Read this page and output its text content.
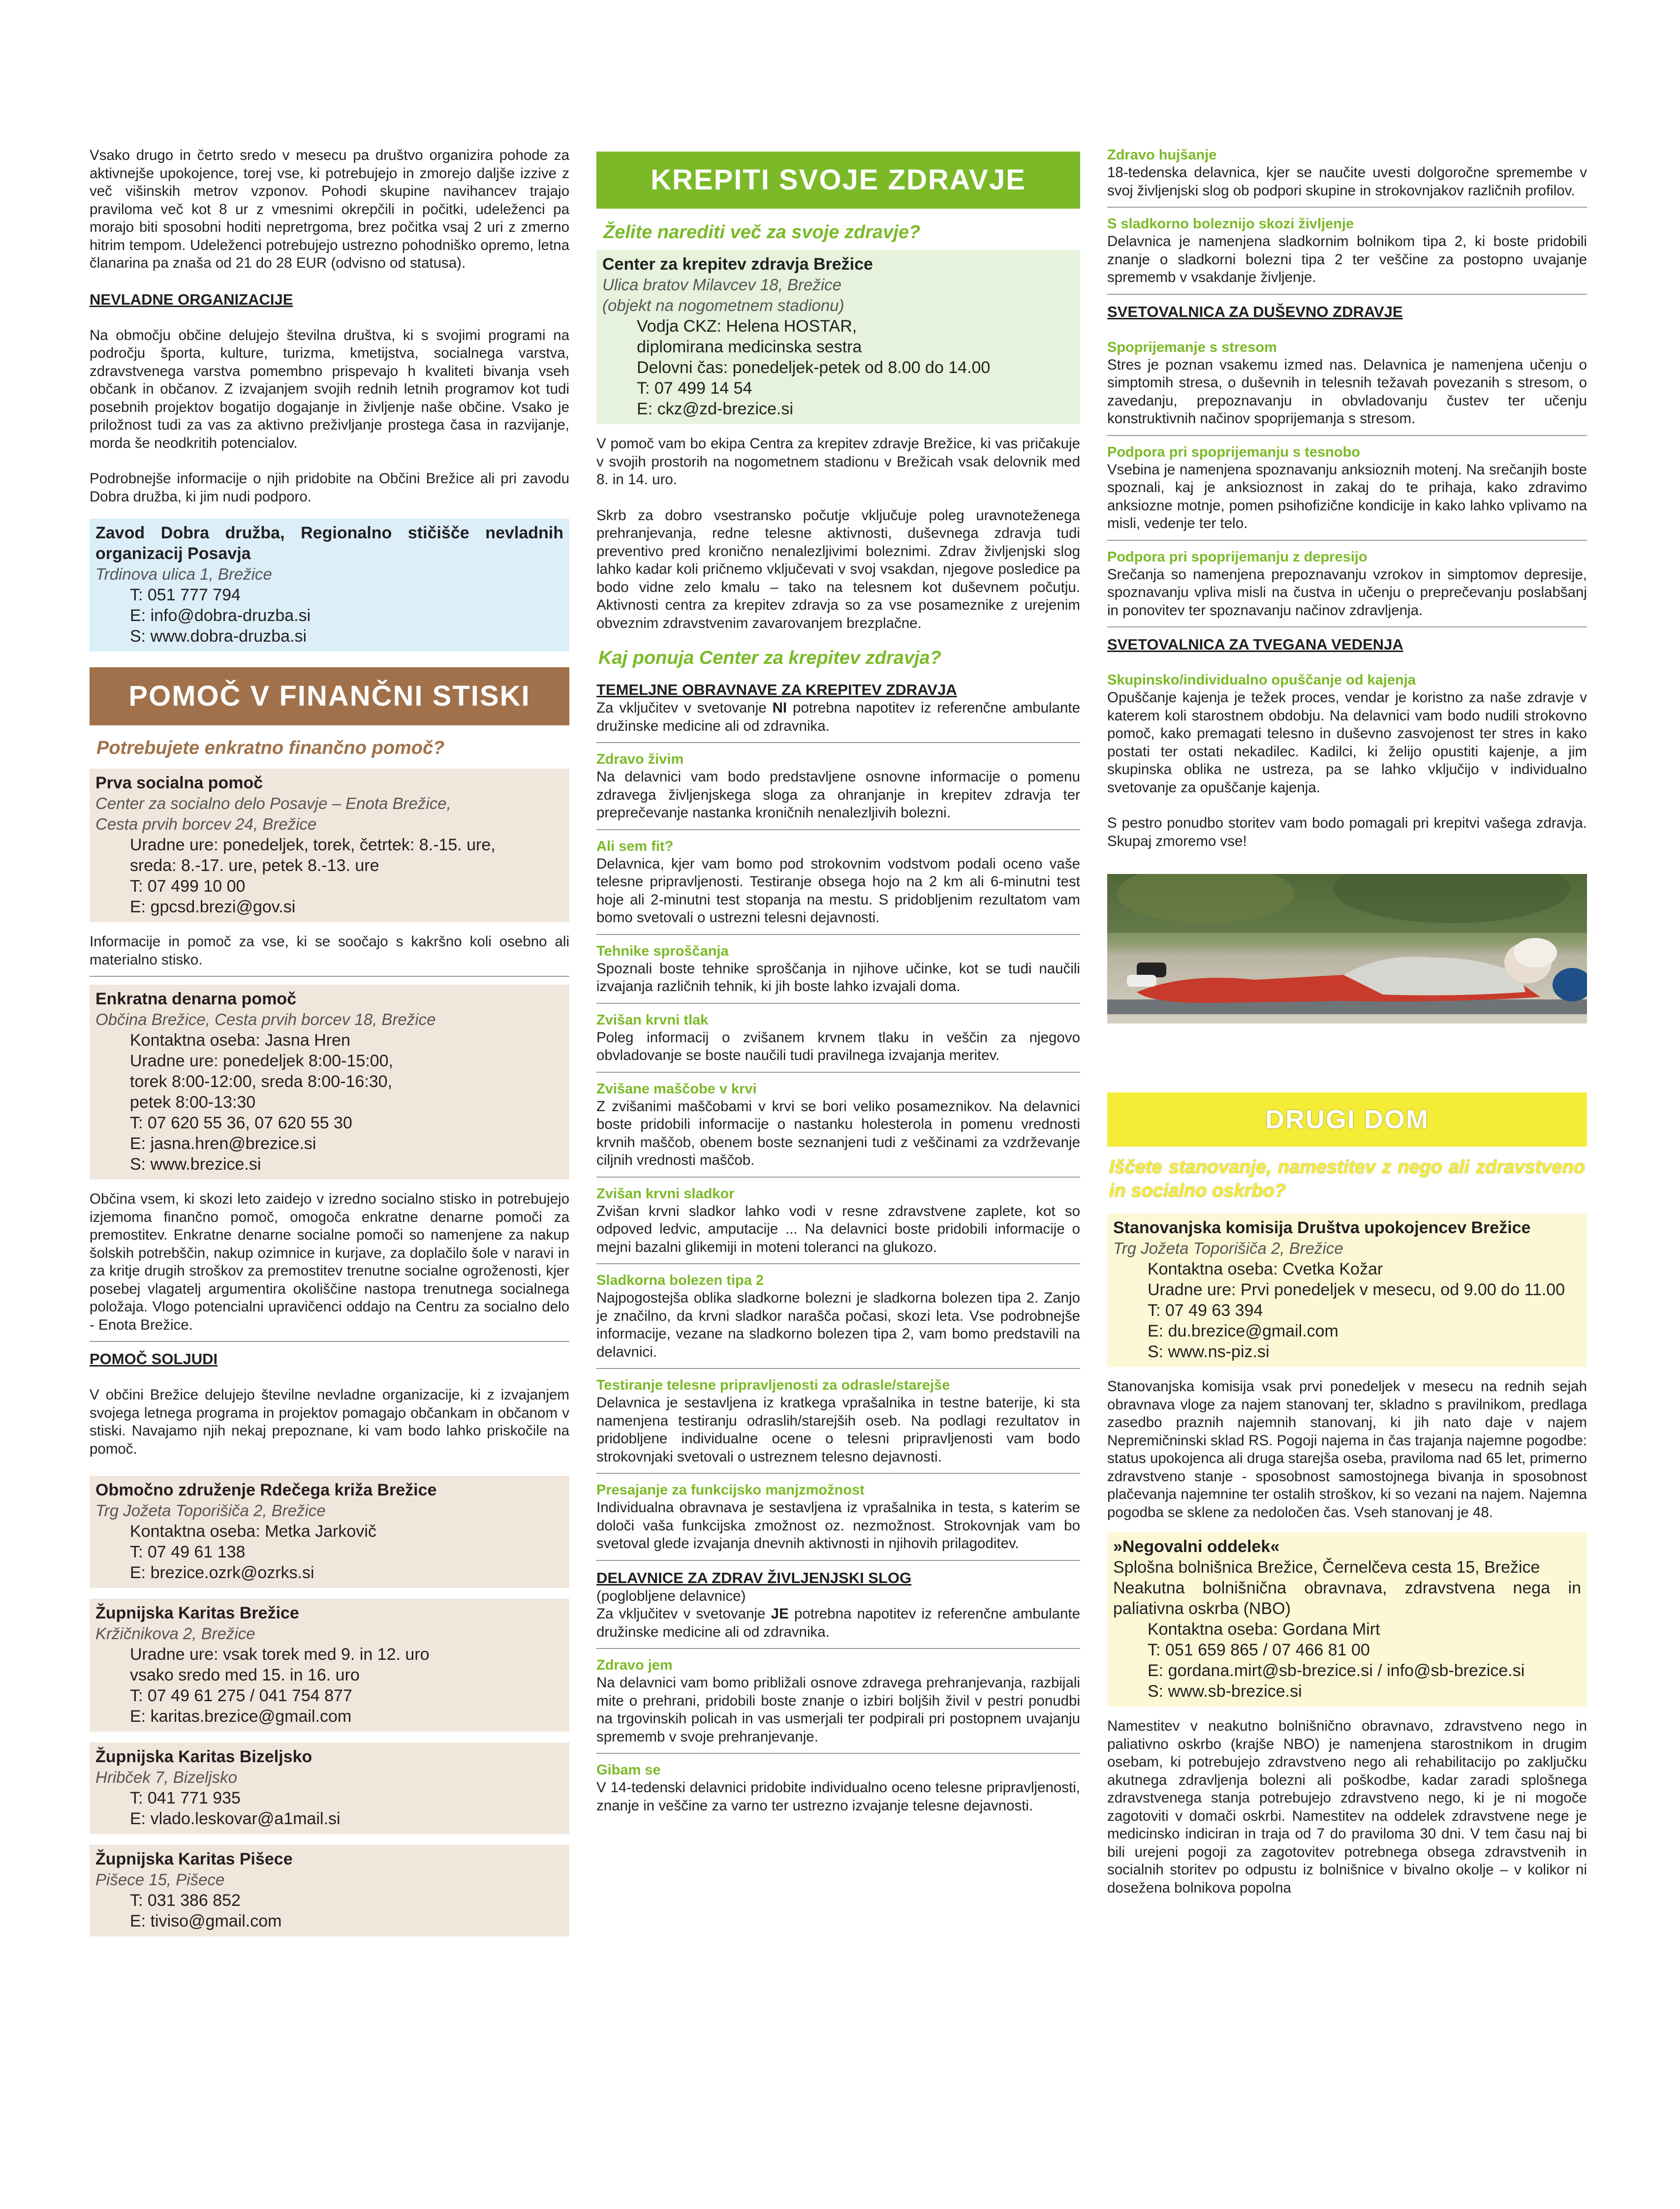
Vsako drugo in četrto sredo v mesecu pa društvo organizira pohode za aktivnejše upokojence, torej vse, ki potrebujejo in zmorejo daljše izzive z več višinskih metrov vzponov. Pohodi skupine navihancev trajajo praviloma več kot 8 ur z vmesnimi okrepčili in počitki, udeleženci pa morajo biti sposobni hoditi nepretrgoma, brez počitka vsaj 2 uri z zmerno hitrim tempom. Udeleženci potrebujejo ustrezno pohodniško opremo, letna članarina pa znaša od 21 do 28 EUR (odvisno od statusa).

NEVLADNE ORGANIZACIJE

Na območju občine delujejo številna društva, ki s svojimi programi na področju športa, kulture, turizma, kmetijstva, socialnega varstva, zdravstvenega varstva pomembno prispevajo h kvaliteti bivanja vseh občank in občanov. Z izvajanjem svojih rednih letnih programov kot tudi posebnih projektov bogatijo dogajanje in življenje naše občine. Vsako je priložnost tudi za vas za aktivno preživljanje prostega časa in razvijanje, morda še neodkritih potencialov.

Podrobnejše informacije o njih pridobite na Občini Brežice ali pri zavodu Dobra družba, ki jim nudi podporo.

Zavod Dobra družba, Regionalno stičišče nevladnih organizacij Posavja

Trdinova ulica 1, Brežice

T: 051 777 794

E: info@dobra-druzba.si

S: www.dobra-druzba.si

POMOČ V FINANČNI STISKI

Potrebujete enkratno finančno pomoč?

Prva socialna pomoč

Center za socialno delo Posavje – Enota Brežice,

Cesta prvih borcev 24, Brežice

Uradne ure: ponedeljek, torek, četrtek: 8.-15. ure,

sreda: 8.-17. ure, petek 8.-13. ure

T: 07 499 10 00

E: gpcsd.brezi@gov.si

Informacije in pomoč za vse, ki se soočajo s kakršno koli osebno ali materialno stisko.

Enkratna denarna pomoč

Občina Brežice, Cesta prvih borcev 18, Brežice

Kontaktna oseba: Jasna Hren

Uradne ure: ponedeljek 8:00-15:00,

torek 8:00-12:00, sreda 8:00-16:30,

petek 8:00-13:30

T: 07 620 55 36, 07 620 55 30

E: jasna.hren@brezice.si

S: www.brezice.si

Občina vsem, ki skozi leto zaidejo v izredno socialno stisko in potrebujejo izjemoma finančno pomoč, omogoča enkratne denarne pomoči za premostitev. Enkratne denarne socialne pomoči so namenjene za nakup šolskih potrebščin, nakup ozimnice in kurjave, za doplačilo šole v naravi in za kritje drugih stroškov za premostitev trenutne socialne ogroženosti, kjer posebej vlagatelj argumentira okoliščine nastopa trenutnega socialnega položaja. Vlogo potencialni upravičenci oddajo na Centru za socialno delo - Enota Brežice.

POMOČ SOLJUDI

V občini Brežice delujejo številne nevladne organizacije, ki z izvajanjem svojega letnega programa in projektov pomagajo občankam in občanom v stiski. Navajamo njih nekaj prepoznane, ki vam bodo lahko priskočile na pomoč.

Območno združenje Rdečega križa Brežice

Trg Jožeta Toporišiča 2, Brežice

Kontaktna oseba: Metka Jarkovič

T: 07 49 61 138

E: brezice.ozrk@ozrks.si

Župnijska Karitas Brežice

Kržičnikova 2, Brežice

Uradne ure: vsak torek med 9. in 12. uro

vsako sredo med 15. in 16. uro

T: 07 49 61 275 / 041 754 877

E: karitas.brezice@gmail.com

Župnijska Karitas Bizeljsko

Hribček 7, Bizeljsko

T: 041 771 935

E: vlado.leskovar@a1mail.si

Župnijska Karitas Pišece

Pišece 15, Pišece

T: 031 386 852

E: tiviso@gmail.com

KREPITI SVOJE ZDRAVJE

Želite narediti več za svoje zdravje?

Center za krepitev zdravja Brežice

Ulica bratov Milavcev 18, Brežice

(objekt na nogometnem stadionu)

Vodja CKZ: Helena HOSTAR,

diplomirana medicinska sestra

Delovni čas: ponedeljek-petek od 8.00 do 14.00

T: 07 499 14 54

E: ckz@zd-brezice.si

V pomoč vam bo ekipa Centra za krepitev zdravje Brežice, ki vas pričakuje v svojih prostorih na nogometnem stadionu v Brežicah vsak delovnik med 8. in 14. uro.

Skrb za dobro vsestransko počutje vključuje poleg uravnoteženega prehranjevanja, redne telesne aktivnosti, duševnega zdravja tudi preventivo pred kronično nenalezljivimi boleznimi. Zdrav življenjski slog lahko kadar koli pričnemo vključevati v svoj vsakdan, njegove posledice pa bodo vidne zelo kmalu – tako na telesnem kot duševnem počutju. Aktivnosti centra za krepitev zdravja so za vse posameznike z urejenim obveznim zdravstvenim zavarovanjem brezplačne.

Kaj ponuja Center za krepitev zdravja?

TEMELJNE OBRAVNAVE ZA KREPITEV ZDRAVJA

Za vključitev v svetovanje NI potrebna napotitev iz referenčne ambulante družinske medicine ali od zdravnika.

Zdravo živim

Na delavnici vam bodo predstavljene osnovne informacije o pomenu zdravega življenjskega sloga za ohranjanje in krepitev zdravja ter preprečevanje nastanka kroničnih nenalezljivih bolezni.

Ali sem fit?

Delavnica, kjer vam bomo pod strokovnim vodstvom podali oceno vaše telesne pripravljenosti. Testiranje obsega hojo na 2 km ali 6-minutni test hoje ali 2-minutni test stopanja na mestu. S pridobljenim rezultatom vam bomo svetovali o ustrezni telesni dejavnosti.

Tehnike sproščanja

Spoznali boste tehnike sproščanja in njihove učinke, kot se tudi naučili izvajanja različnih tehnik, ki jih boste lahko izvajali doma.

Zvišan krvni tlak

Poleg informacij o zvišanem krvnem tlaku in veščin za njegovo obvladovanje se boste naučili tudi pravilnega izvajanja meritev.

Zvišane maščobe v krvi

Z zvišanimi maščobami v krvi se bori veliko posameznikov. Na delavnici boste pridobili informacije o nastanku holesterola in pomenu vrednosti krvnih maščob, obenem boste seznanjeni tudi z veščinami za vzdrževanje ciljnih vrednosti maščob.

Zvišan krvni sladkor

Zvišan krvni sladkor lahko vodi v resne zdravstvene zaplete, kot so odpoved ledvic, amputacije ... Na delavnici boste pridobili informacije o mejni bazalni glikemiji in moteni toleranci na glukozo.

Sladkorna bolezen tipa 2

Najpogostejša oblika sladkorne bolezni je sladkorna bolezen tipa 2. Zanjo je značilno, da krvni sladkor narašča počasi, skozi leta. Vse podrobnejše informacije, vezane na sladkorno bolezen tipa 2, vam bomo predstavili na delavnici.

Testiranje telesne pripravljenosti za odrasle/starejše

Delavnica je sestavljena iz kratkega vprašalnika in testne baterije, ki sta namenjena testiranju odraslih/starejših oseb. Na podlagi rezultatov in pridobljene individualne ocene o telesni pripravljenosti vam bodo strokovnjaki svetovali o ustreznem telesno dejavnosti.

Presajanje za funkcijsko manjzmožnost

Individualna obravnava je sestavljena iz vprašalnika in testa, s katerim se določi vaša funkcijska zmožnost oz. nezmožnost. Strokovnjak vam bo svetoval glede izvajanja dnevnih aktivnosti in njihovih prilagoditev.

DELAVNICE ZA ZDRAV ŽIVLJENJSKI SLOG

(poglobljene delavnice)

Za vključitev v svetovanje JE potrebna napotitev iz referenčne ambulante družinske medicine ali od zdravnika.

Zdravo jem

Na delavnici vam bomo približali osnove zdravega prehranjevanja, razbijali mite o prehrani, pridobili boste znanje o izbiri boljših živil v pestri ponudbi na trgovinskih policah in vas usmerjali ter podpirali pri postopnem uvajanju sprememb v svoje prehranjevanje.

Gibam se

V 14-tedenski delavnici pridobite individualno oceno telesne pripravljenosti, znanje in veščine za varno ter ustrezno izvajanje telesne dejavnosti.

Zdravo hujšanje

18-tedenska delavnica, kjer se naučite uvesti dolgoročne spremembe v svoj življenjski slog ob podpori skupine in strokovnjakov različnih profilov.

S sladkorno boleznijo skozi življenje

Delavnica je namenjena sladkornim bolnikom tipa 2, ki boste pridobili znanje o sladkorni bolezni tipa 2 ter veščine za postopno uvajanje sprememb v vsakdanje življenje.

SVETOVALNICA ZA DUŠEVNO ZDRAVJE

Spoprijemanje s stresom

Stres je poznan vsakemu izmed nas. Delavnica je namenjena učenju o simptomih stresa, o duševnih in telesnih težavah povezanih s stresom, o zavedanju, prepoznavanju in obvladovanju čustev ter učenju konstruktivnih načinov spoprijemanja s stresom.

Podpora pri spoprijemanju s tesnobo

Vsebina je namenjena spoznavanju anksioznih motenj. Na srečanjih boste spoznali, kaj je anksioznost in zakaj do te prihaja, kako zdravimo anksiozne motnje, pomen psihofizične kondicije in kako lahko vplivamo na misli, vedenje ter telo.

Podpora pri spoprijemanju z depresijo

Srečanja so namenjena prepoznavanju vzrokov in simptomov depresije, spoznavanju vpliva misli na čustva in učenju o preprečevanju poslabšanj in ponovitev ter spoznavanju načinov zdravljenja.

SVETOVALNICA ZA TVEGANA VEDENJA

Skupinsko/individualno opuščanje od kajenja

Opuščanje kajenja je težek proces, vendar je koristno za naše zdravje v katerem koli starostnem obdobju. Na delavnici vam bodo nudili strokovno pomoč, kako premagati telesno in duševno zasvojenost ter stres in kako postati ter ostati nekadilec. Kadilci, ki želijo opustiti kajenje, a jim skupinska oblika ne ustreza, pa se lahko vključijo v individualno svetovanje za opuščanje kajenja.

S pestro ponudbo storitev vam bodo pomagali pri krepitvi vašega zdravja. Skupaj zmoremo vse!

DRUGI DOM

Iščete stanovanje, namestitev z nego ali zdravstveno in socialno oskrbo?

Stanovanjska komisija Društva upokojencev Brežice

Trg Jožeta Toporišiča 2, Brežice

Kontaktna oseba: Cvetka Kožar

Uradne ure: Prvi ponedeljek v mesecu, od 9.00 do 11.00

T: 07 49 63 394

E: du.brezice@gmail.com

S: www.ns-piz.si

Stanovanjska komisija vsak prvi ponedeljek v mesecu na rednih sejah obravnava vloge za najem stanovanj ter, skladno s pravilnikom, predlaga zasedbo praznih najemnih stanovanj, ki jih nato daje v najem Nepremičninski sklad RS. Pogoji najema in čas trajanja najemne pogodbe: status upokojenca ali druga starejša oseba, praviloma nad 65 let, primerno zdravstveno stanje - sposobnost samostojnega bivanja in sposobnost plačevanja najemnine ter ostalih stroškov, ki so vezani na najem. Najemna pogodba se sklene za nedoločen čas. Vseh stanovanj je 48.

»Negovalni oddelek«

Splošna bolnišnica Brežice, Černelčeva cesta 15, Brežice

Neakutna bolnišnična obravnava, zdravstvena nega in paliativna oskrba (NBO)

Kontaktna oseba: Gordana Mirt

T: 051 659 865 / 07 466 81 00

E: gordana.mirt@sb-brezice.si / info@sb-brezice.si

S: www.sb-brezice.si

Namestitev v neakutno bolnišnično obravnavo, zdravstveno nego in paliativno oskrbo (krajše NBO) je namenjena starostnikom in drugim osebam, ki potrebujejo zdravstveno nego ali rehabilitacijo po zaključku akutnega zdravljenja bolezni ali poškodbe, kadar zaradi splošnega zdravstvenega stanja potrebujejo zdravstveno nego, ki je ni mogoče zagotoviti v domači oskrbi. Namestitev na oddelek zdravstvene nege je medicinsko indiciran in traja od 7 do praviloma 30 dni. V tem času naj bi bili urejeni pogoji za zagotovitev potrebnega obsega zdravstvenih in socialnih storitev po odpustu iz bolnišnice v bivalno okolje – v kolikor ni dosežena bolnikova popolna
